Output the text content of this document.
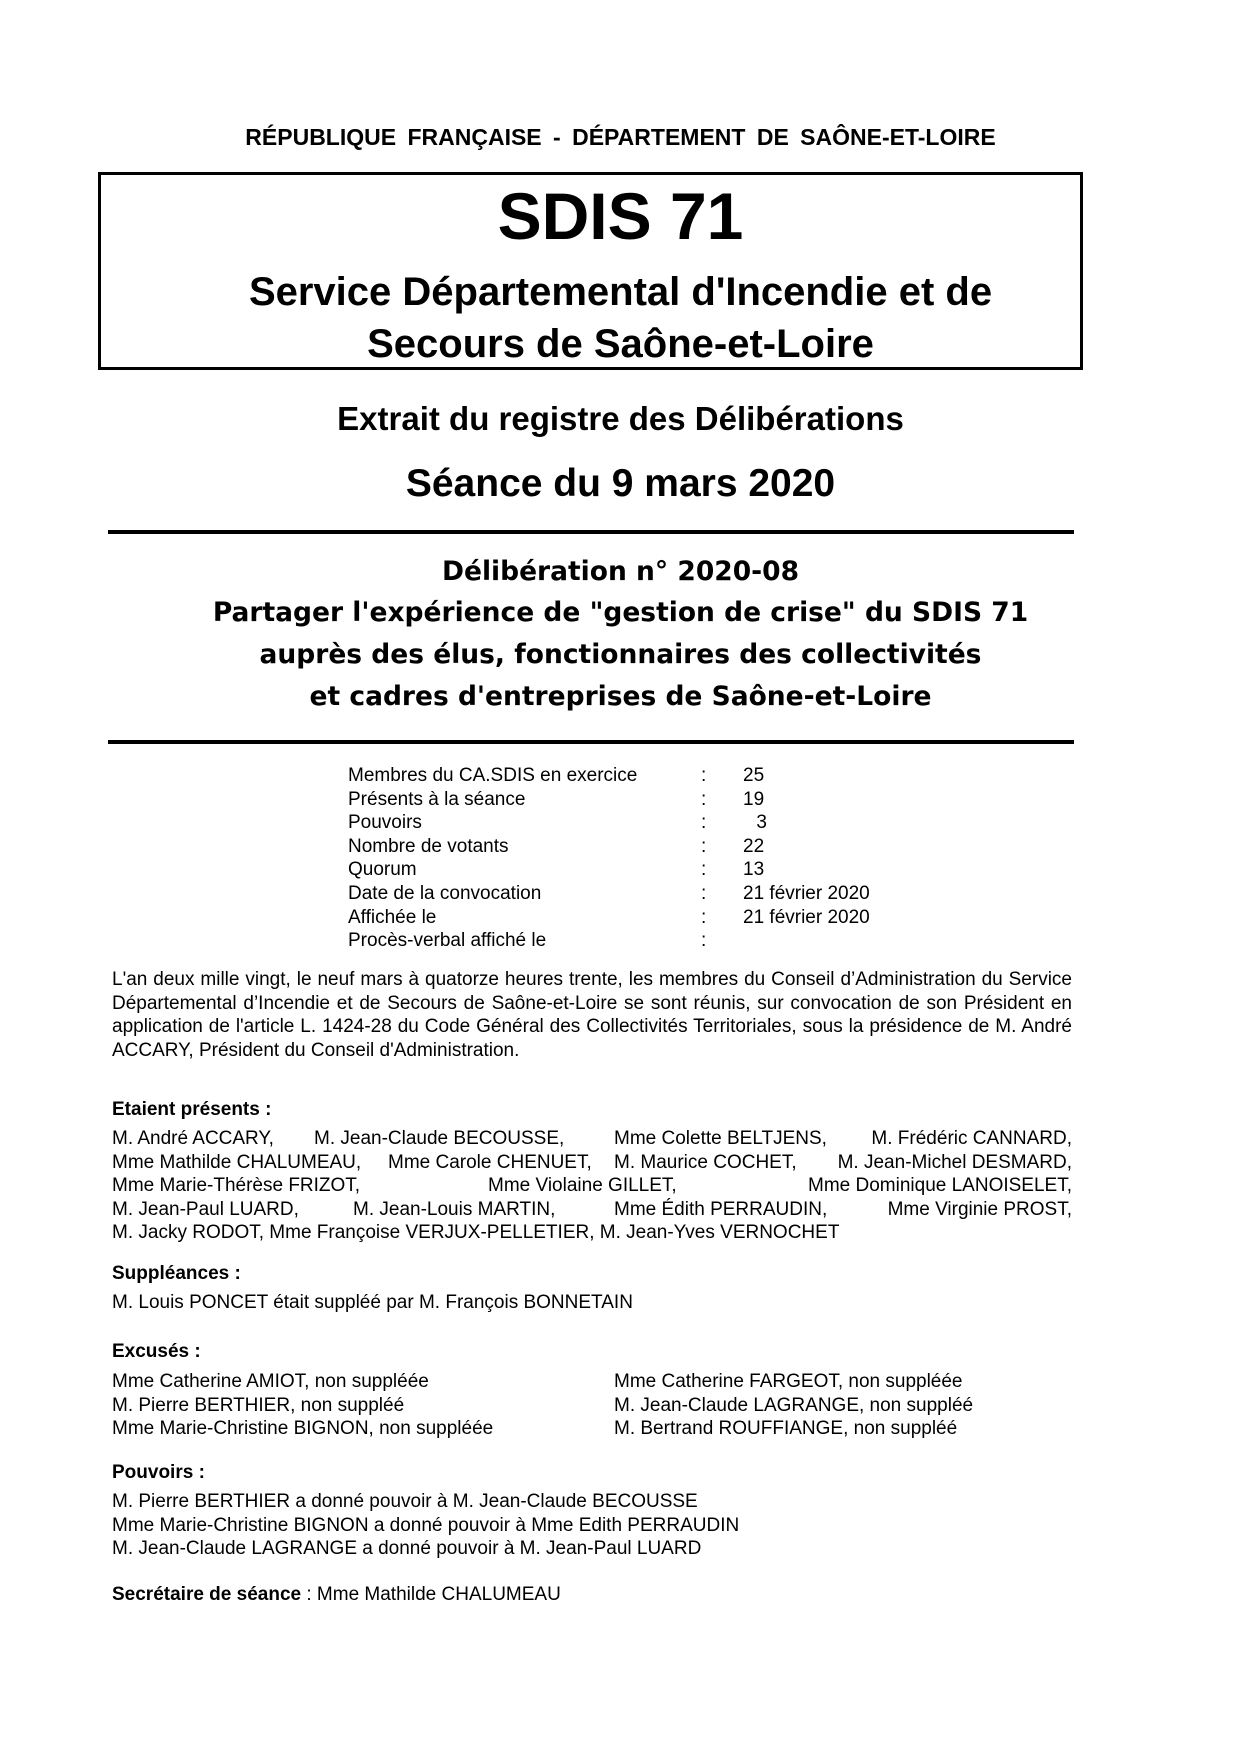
RÉPUBLIQUE FRANÇAISE - DÉPARTEMENT DE SAÔNE-ET-LOIRE
SDIS 71
Service Départemental d'Incendie et de
Secours de Saône-et-Loire
Extrait du registre des Délibérations
Séance du 9 mars 2020
Délibération n° 2020-08
Partager l'expérience de "gestion de crise" du SDIS 71
auprès des élus, fonctionnaires des collectivités
et cadres d'entreprises de Saône-et-Loire
Membres du CA.SDIS en exercice	: 25
Présents à la séance	: 19
Pouvoirs	:	3
Nombre de votants	: 22
Quorum	: 13
Date de la convocation	: 21 février 2020
Affichée le	: 21 février 2020
Procès-verbal affiché le	:
L'an deux mille vingt, le neuf mars à quatorze heures trente, les membres du Conseil d’Administration du Service Départemental d’Incendie et de Secours de Saône-et-Loire se sont réunis, sur convocation de son Président en application de l'article L. 1424-28 du Code Général des Collectivités Territoriales, sous la présidence de M. André ACCARY, Président du Conseil d'Administration.
Etaient présents :
M. André ACCARY, M. Jean-Claude BECOUSSE,	Mme Colette BELTJENS, M. Frédéric CANNARD,
Mme Mathilde CHALUMEAU, Mme Carole CHENUET, M. Maurice COCHET, M. Jean-Michel DESMARD,
Mme Marie-Thérèse FRIZOT,	Mme Violaine GILLET,	Mme Dominique LANOISELET,
M. Jean-Paul LUARD,	M. Jean-Louis MARTIN,	Mme Édith PERRAUDIN,	Mme Virginie PROST,
M. Jacky RODOT, Mme Françoise VERJUX-PELLETIER, M. Jean-Yves VERNOCHET
Suppléances :
M. Louis PONCET était suppléé par M. François BONNETAIN
Excusés :
Mme Catherine AMIOT, non suppléée	Mme Catherine FARGEOT, non suppléée
M. Pierre BERTHIER, non suppléé	M. Jean-Claude LAGRANGE, non suppléé
Mme Marie-Christine BIGNON, non suppléée	M. Bertrand ROUFFIANGE, non suppléé
Pouvoirs :
M. Pierre BERTHIER a donné pouvoir à M. Jean-Claude BECOUSSE
Mme Marie-Christine BIGNON a donné pouvoir à Mme Edith PERRAUDIN
M. Jean-Claude LAGRANGE a donné pouvoir à M. Jean-Paul LUARD
Secrétaire de séance : Mme Mathilde CHALUMEAU
